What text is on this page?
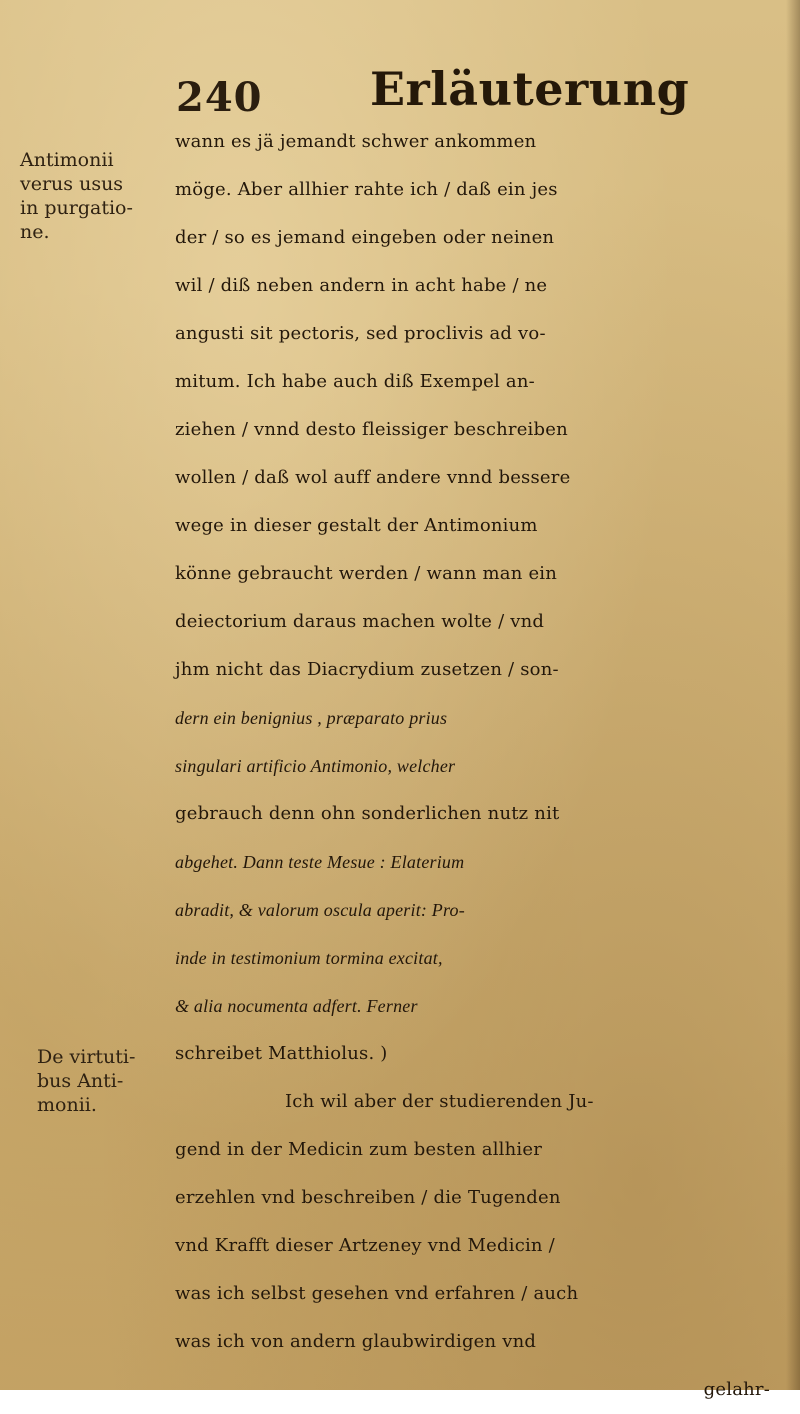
240 Erläuterung
Antimonii
verus usus
in purgatio-
ne.
De virtuti-
bus Anti-
monii.
wann es jä jemandt schwer ankommen
möge. Aber allhier rahte ich / daß ein jes
der / so es jemand eingeben oder neinen
wil / diß neben andern in acht habe / ne
angusti sit pectoris, sed proclivis ad vo-
mitum. Ich habe auch diß Exempel an-
ziehen / vnnd desto fleissiger beschreiben
wollen / daß wol auff andere vnnd bessere
wege in dieser gestalt der Antimonium
könne gebraucht werden / wann man ein
deiectorium daraus machen wolte / vnd
jhm nicht das Diacrydium zusetzen / son-
dern ein benignius , præparato prius
singulari artificio Antimonio, welcher
gebrauch denn ohn sonderlichen nutz nit
abgehet. Dann teste Mesue : Elaterium
abradit, & valorum oscula aperit: Pro-
inde in testimonium tormina excitat,
& alia nocumenta adfert. Ferner
schreibet Matthiolus. )
Ich wil aber der studierenden Ju-
gend in der Medicin zum besten allhier
erzehlen vnd beschreiben / die Tugenden
vnd Krafft dieser Artzeney vnd Medicin /
was ich selbst gesehen vnd erfahren / auch
was ich von andern glaubwirdigen vnd
gelahr-
